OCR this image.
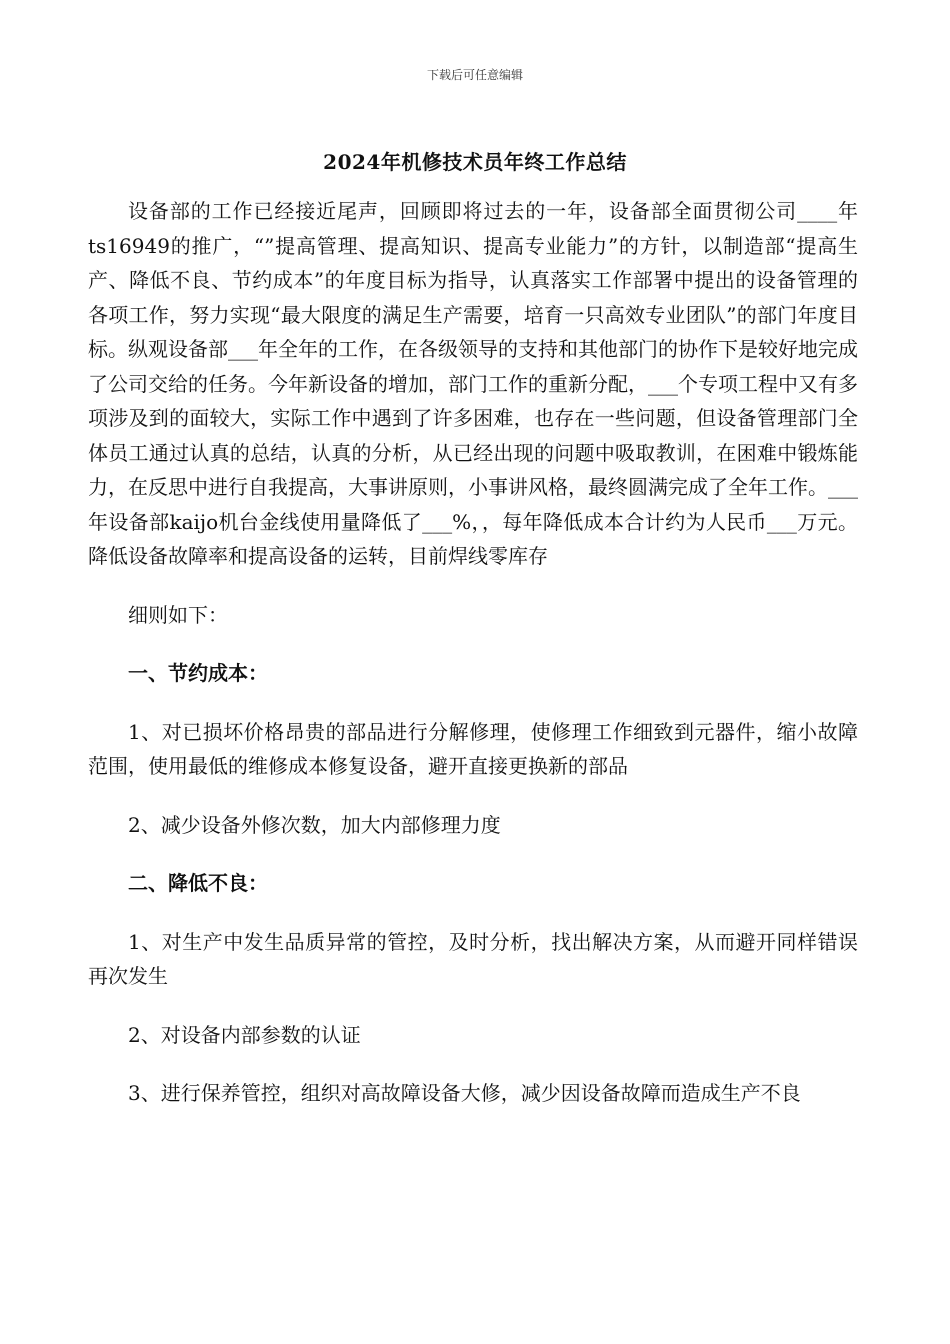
下载后可任意编辑
2024年机修技术员年终工作总结

设备部的工作已经接近尾声，回顾即将过去的一年，设备部全面贯彻公司____年ts16949的推广，“”提高管理、提高知识、提高专业能力”的方针，以制造部“提高生产、降低不良、节约成本”的年度目标为指导，认真落实工作部署中提出的设备管理的各项工作，努力实现“最大限度的满足生产需要，培育一只高效专业团队”的部门年度目标。纵观设备部___年全年的工作，在各级领导的支持和其他部门的协作下是较好地完成了公司交给的任务。今年新设备的增加，部门工作的重新分配，___个专项工程中又有多项涉及到的面较大，实际工作中遇到了许多困难，也存在一些问题，但设备管理部门全体员工通过认真的总结，认真的分析，从已经出现的问题中吸取教训，在困难中锻炼能力，在反思中进行自我提高，大事讲原则，小事讲风格，最终圆满完成了全年工作。___年设备部kaijo机台金线使用量降低了___%，，每年降低成本合计约为人民币___万元。降低设备故障率和提高设备的运转，目前焊线零库存

细则如下：

一、节约成本：

1、对已损坏价格昂贵的部品进行分解修理，使修理工作细致到元器件，缩小故障范围，使用最低的维修成本修复设备，避开直接更换新的部品

2、减少设备外修次数，加大内部修理力度

二、降低不良：

1、对生产中发生品质异常的管控，及时分析，找出解决方案，从而避开同样错误再次发生

2、对设备内部参数的认证

3、进行保养管控，组织对高故障设备大修，减少因设备故障而造成生产不良
